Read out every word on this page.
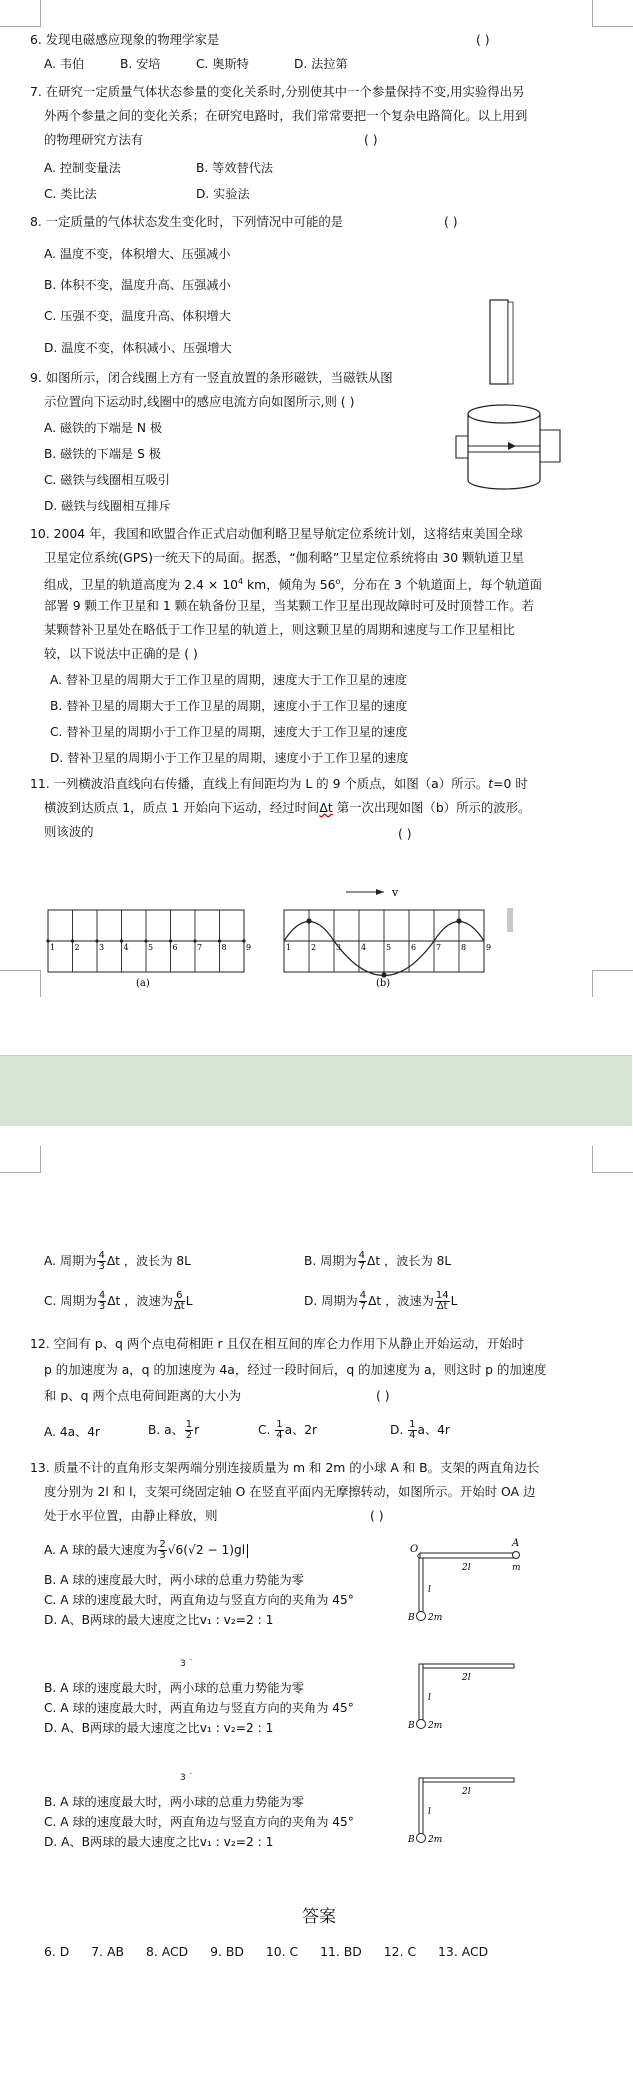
6. 发现电磁感应现象的物理学家是	( )
A. 韦伯	B. 安培	C. 奥斯特	D. 法拉第
7. 在研究一定质量气体状态参量的变化关系时,分别使其中一个参量保持不变,用实验得出另
外两个参量之间的变化关系；在研究电路时，我们常常要把一个复杂电路简化。以上用到
的物理研究方法有	( )
A. 控制变量法	B. 等效替代法
C. 类比法	D. 实验法
8. 一定质量的气体状态发生变化时，下列情况中可能的是	( )
A. 温度不变，体积增大、压强减小
B. 体积不变，温度升高、压强减小
C. 压强不变，温度升高、体积增大
D. 温度不变，体积减小、压强增大
9. 如图所示，闭合线圈上方有一竖直放置的条形磁铁，当磁铁从图
示位置向下运动时,线圈中的感应电流方向如图所示,则 ( )
A. 磁铁的下端是 N 极
B. 磁铁的下端是 S 极
C. 磁铁与线圈相互吸引
D. 磁铁与线圈相互排斥
10. 2004 年，我国和欧盟合作正式启动伽利略卫星导航定位系统计划，这将结束美国全球
卫星定位系统(GPS)一统天下的局面。据悉，“伽利略”卫星定位系统将由 30 颗轨道卫星
组成，卫星的轨道高度为 $2.4 \times 10^4$ km，倾角为 56$^o$，分布在 3 个轨道面上，每个轨道面
部署 9 颗工作卫星和 1 颗在轨备份卫星，当某颗工作卫星出现故障时可及时顶替工作。若
某颗替补卫星处在略低于工作卫星的轨道上，则这颗卫星的周期和速度与工作卫星相比
较，以下说法中正确的是 ( )
A. 替补卫星的周期大于工作卫星的周期，速度大于工作卫星的速度
B. 替补卫星的周期大于工作卫星的周期，速度小于工作卫星的速度
C. 替补卫星的周期小于工作卫星的周期，速度大于工作卫星的速度
D. 替补卫星的周期小于工作卫星的周期，速度小于工作卫星的速度
11. 一列横波沿直线向右传播，直线上有间距均为 L 的 9 个质点，如图（a）所示。t=0 时
横波到达质点 1，质点 1 开始向下运动，经过时间Δt 第一次出现如图（b）所示的波形。
则该波的	( )
1 2 3 4 5 6 7 8 9
(a)
1 2 3 4 5 6 7 8 9
v
(b)
A. 周期为 $\frac{4}{3}$ Δt ，波长为 8L	B. 周期为 $\frac{4}{7}$ Δt ，波长为 8L
C. 周期为 $\frac{4}{3}$ Δt ，波速为 $\frac{6}{\Delta t}$ L	D. 周期为 $\frac{4}{7}$ Δt ，波速为 $\frac{14}{\Delta t}$ L
12. 空间有 p、q 两个点电荷相距 r 且仅在相互间的库仑力作用下从静止开始运动，开始时
p 的加速度为 a，q 的加速度为 4a，经过一段时间后，q 的加速度为 a，则这时 p 的加速度
和 p、q 两个点电荷间距离的大小为	( )
A. 4a、4r	B. a、 $\frac{1}{2}$ r	C. $\frac{1}{4}$ a、2r	D. $\frac{1}{4}$ a、4r
13. 质量不计的直角形支架两端分别连接质量为 m 和 2m 的小球 A 和 B。支架的两直角边长
度分别为 2l 和 l，支架可绕固定轴 O 在竖直平面内无摩擦转动，如图所示。开始时 OA 边
处于水平位置，由静止释放，则	( )
A. A 球的最大速度为 $\frac{2}{3} √6(√2 - 1)gl$
B. A 球的速度最大时，两小球的总重力势能为零
C. A 球的速度最大时，两直角边与竖直方向的夹角为 45°
D. A、B两球的最大速度之比v₁ : v₂=2 : 1
3 ˙
B. A 球的速度最大时，两小球的总重力势能为零
C. A 球的速度最大时，两直角边与竖直方向的夹角为 45°
D. A、B两球的最大速度之比v₁ : v₂=2 : 1
3 ˙
B. A 球的速度最大时，两小球的总重力势能为零
C. A 球的速度最大时，两直角边与竖直方向的夹角为 45°
D. A、B两球的最大速度之比v₁ : v₂=2 : 1
O
A
m
2l
l
B 2m
2l
l
B 2m
2l
l
B 2m
答案
6. D 7. AB 8. ACD 9. BD 10. C 11. BD 12. C 13. ACD
